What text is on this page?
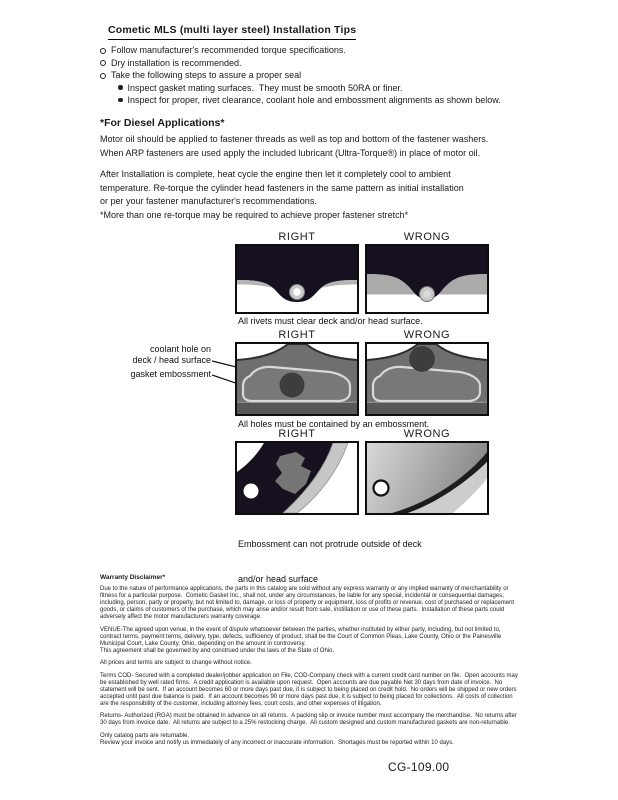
Cometic MLS (multi layer steel) Installation Tips
Follow manufacturer's recommended torque specifications.
Dry installation is recommended.
Take the following steps to assure a proper seal
Inspect gasket mating surfaces.  They must be smooth 50RA or finer.
Inspect for proper, rivet clearance, coolant hole and embossment alignments as shown below.
*For Diesel Applications*
Motor oil should be applied to fastener threads as well as top and bottom of the fastener washers.
When ARP fasteners are used apply the included lubricant (Ultra-Torque®) in place of motor oil.
After Installation is complete, heat cycle the engine then let it completely cool to ambient
temperature. Re-torque the cylinder head fasteners in the same pattern as initial installation
or per your fastener manufacturer's recommendations.
*More than one re-torque may be required to achieve proper fastener stretch*
RIGHT	WRONG
All rivets must clear deck and/or head surface.
RIGHT	WRONG
coolant hole on
deck / head surface
gasket embossment
All holes must be contained by an embossment.
RIGHT	WRONG

Embossment can not protrude outside of deck

and/or head surface

Warranty Disclaimer*
Due to the nature of performance applications, the parts in this catalog are sold without any express warranty or any implied warranty of merchantability or
fitness for a particular purpose.  Cometic Gasket Inc., shall not, under any circumstances, be liable for any special, incidental or consequential damages,
including, person, party or property, but not limited to, damage, or loss of property or equipment, loss of profits or revenue, cost of purchased or replacement
goods, or claims of customers of the purchase, which may arise and/or result from sale, instillation or use of these parts.  Installation of these parts could
adversely affect the motor manufacturers warranty coverage.
VENUE-The agreed upon venue, in the event of dispute whatsoever between the parties, whether instituted by either party, including, but not limited to,
contract terms, payment terms, delivery, type, defects, sufficiency of product, shall be the Court of Common Pleas, Lake County, Ohio or the Painesville
Municipal Court, Lake County, Ohio, depending on the amount in controversy.
This agreement shall be governed by and construed under the laws of the State of Ohio.
All prices and terms are subject to change without notice.
Terms COD- Secured with a completed dealer/jobber application on File, COD-Company check with a current credit card number on file.  Open accounts may
be established by well rated firms.  A credit application is available upon request.  Open accounts are due payable Net 30 days from date of invoice.  No
statement will be sent.  If an account becomes 60 or more days past due, it is subject to being placed on credit hold.  No orders will be shipped or new orders
accepted until past due balance is paid.  If an account becomes 90 or more days past due, it is subject to being placed for collections.  All costs of collection
are the responsibility of the customer, including attorney fees, court costs, and other expenses of litigation.
Returns- Authorized (RGA) must be obtained in advance on all returns.  A packing slip or invoice number must accompany the merchandise.  No returns after
30 days from invoice date.  All returns are subject to a 25% restocking charge.  All custom designed and custom manufactured gaskets are non-returnable.
Only catalog parts are returnable.
Review your invoice and notify us immediately of any incorrect or inaccurate information.  Shortages must be reported within 10 days.
CG-109.00
